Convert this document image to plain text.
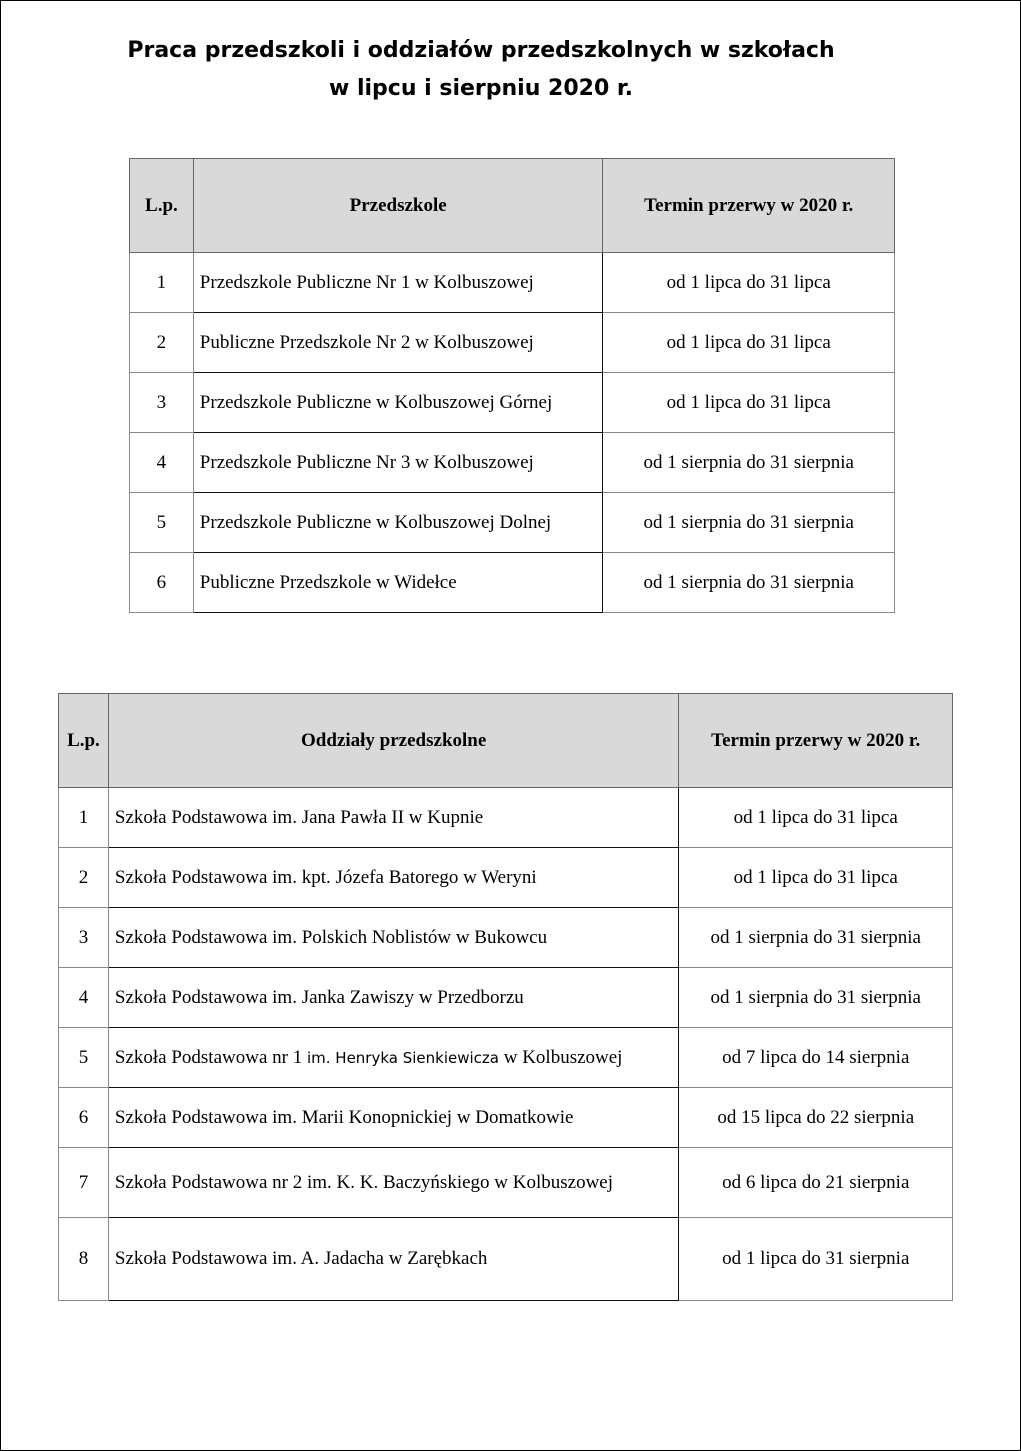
Praca przedszkoli i oddziałów przedszkolnych w szkołach
w lipcu i sierpniu 2020 r.
L.p.	Przedszkole	Termin przerwy w 2020 r.
1	Przedszkole Publiczne Nr 1 w Kolbuszowej	od 1 lipca do 31 lipca
2	Publiczne Przedszkole Nr 2 w Kolbuszowej	od 1 lipca do 31 lipca
3	Przedszkole Publiczne w Kolbuszowej Górnej	od 1 lipca do 31 lipca
4	Przedszkole Publiczne Nr 3 w Kolbuszowej	od 1 sierpnia do 31 sierpnia
5	Przedszkole Publiczne w Kolbuszowej Dolnej	od 1 sierpnia do 31 sierpnia
6	Publiczne Przedszkole w Widełce	od 1 sierpnia do 31 sierpnia
L.p.	Oddziały przedszkolne	Termin przerwy w 2020 r.
1	Szkoła Podstawowa im. Jana Pawła II w Kupnie	od 1 lipca do 31 lipca
2	Szkoła Podstawowa im. kpt. Józefa Batorego w Weryni	od 1 lipca do 31 lipca
3	Szkoła Podstawowa im. Polskich Noblistów w Bukowcu	od 1 sierpnia do 31 sierpnia
4	Szkoła Podstawowa im. Janka Zawiszy w Przedborzu	od 1 sierpnia do 31 sierpnia
5	Szkoła Podstawowa nr 1 im. Henryka Sienkiewicza w Kolbuszowej	od 7 lipca do 14 sierpnia
6	Szkoła Podstawowa im. Marii Konopnickiej w Domatkowie	od 15 lipca do 22 sierpnia
7	Szkoła Podstawowa nr 2 im. K. K. Baczyńskiego w Kolbuszowej	od 6 lipca do 21 sierpnia
8	Szkoła Podstawowa im. A. Jadacha w Zarębkach	od 1 lipca do 31 sierpnia
